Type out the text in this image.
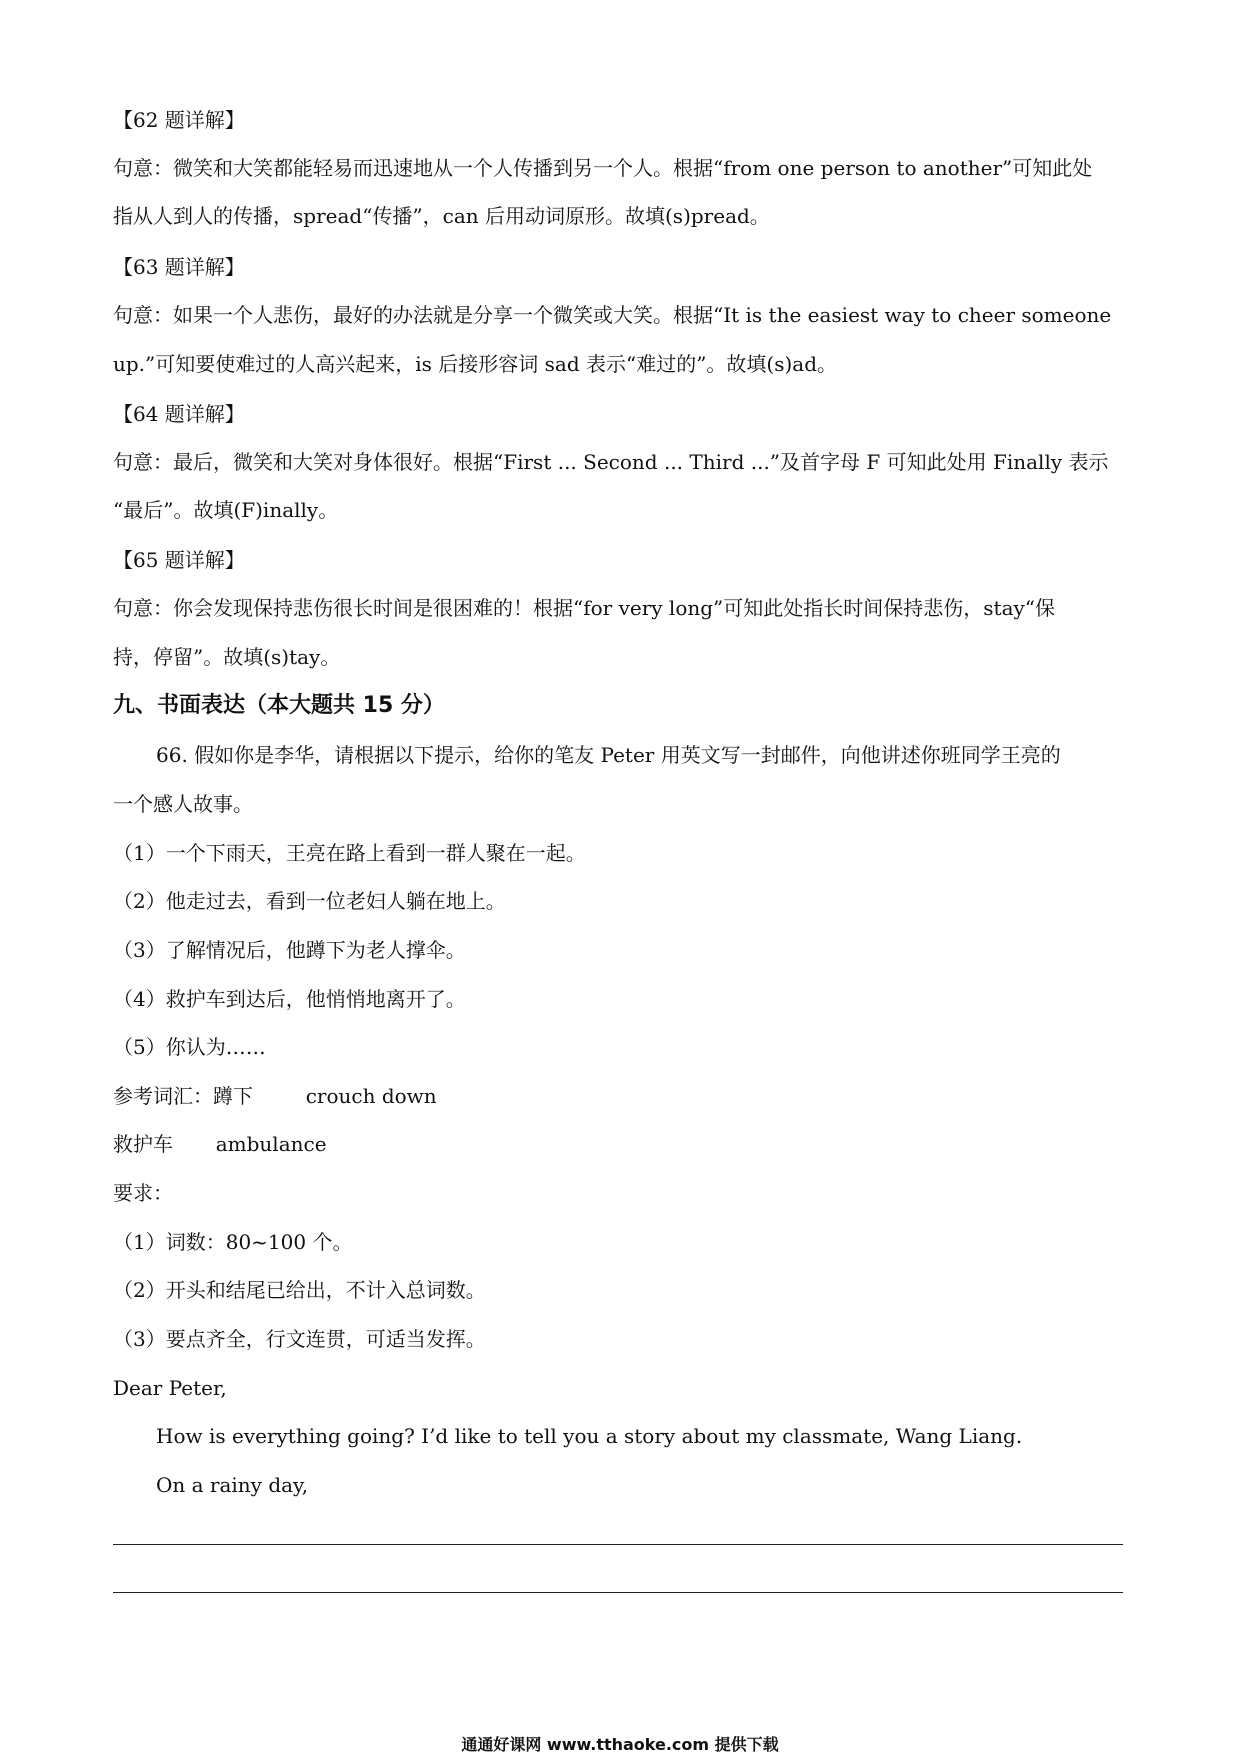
【62 题详解】
句意：微笑和大笑都能轻易而迅速地从一个人传播到另一个人。根据“from one person to another”可知此处
指从人到人的传播，spread“传播”，can 后用动词原形。故填(s)pread。
【63 题详解】
句意：如果一个人悲伤，最好的办法就是分享一个微笑或大笑。根据“It is the easiest way to cheer someone
up.”可知要使难过的人高兴起来，is 后接形容词 sad 表示“难过的”。故填(s)ad。
【64 题详解】
句意：最后，微笑和大笑对身体很好。根据“First ... Second ... Third ...”及首字母 F 可知此处用 Finally 表示
“最后”。故填(F)inally。
【65 题详解】
句意：你会发现保持悲伤很长时间是很困难的！根据“for very long”可知此处指长时间保持悲伤，stay“保
持，停留”。故填(s)tay。
九、书面表达（本大题共 15 分）
66. 假如你是李华，请根据以下提示，给你的笔友 Peter 用英文写一封邮件，向他讲述你班同学王亮的
一个感人故事。
（1）一个下雨天，王亮在路上看到一群人聚在一起。
（2）他走过去，看到一位老妇人躺在地上。
（3）了解情况后，他蹲下为老人撑伞。
（4）救护车到达后，他悄悄地离开了。
（5）你认为……
参考词汇：蹲下	crouch down
救护车 ambulance
要求：
（1）词数：80~100 个。
（2）开头和结尾已给出，不计入总词数。
（3）要点齐全，行文连贯，可适当发挥。
Dear Peter,
How is everything going? I’d like to tell you a story about my classmate, Wang Liang.
On a rainy day,
通通好课网 www.tthaoke.com 提供下载
